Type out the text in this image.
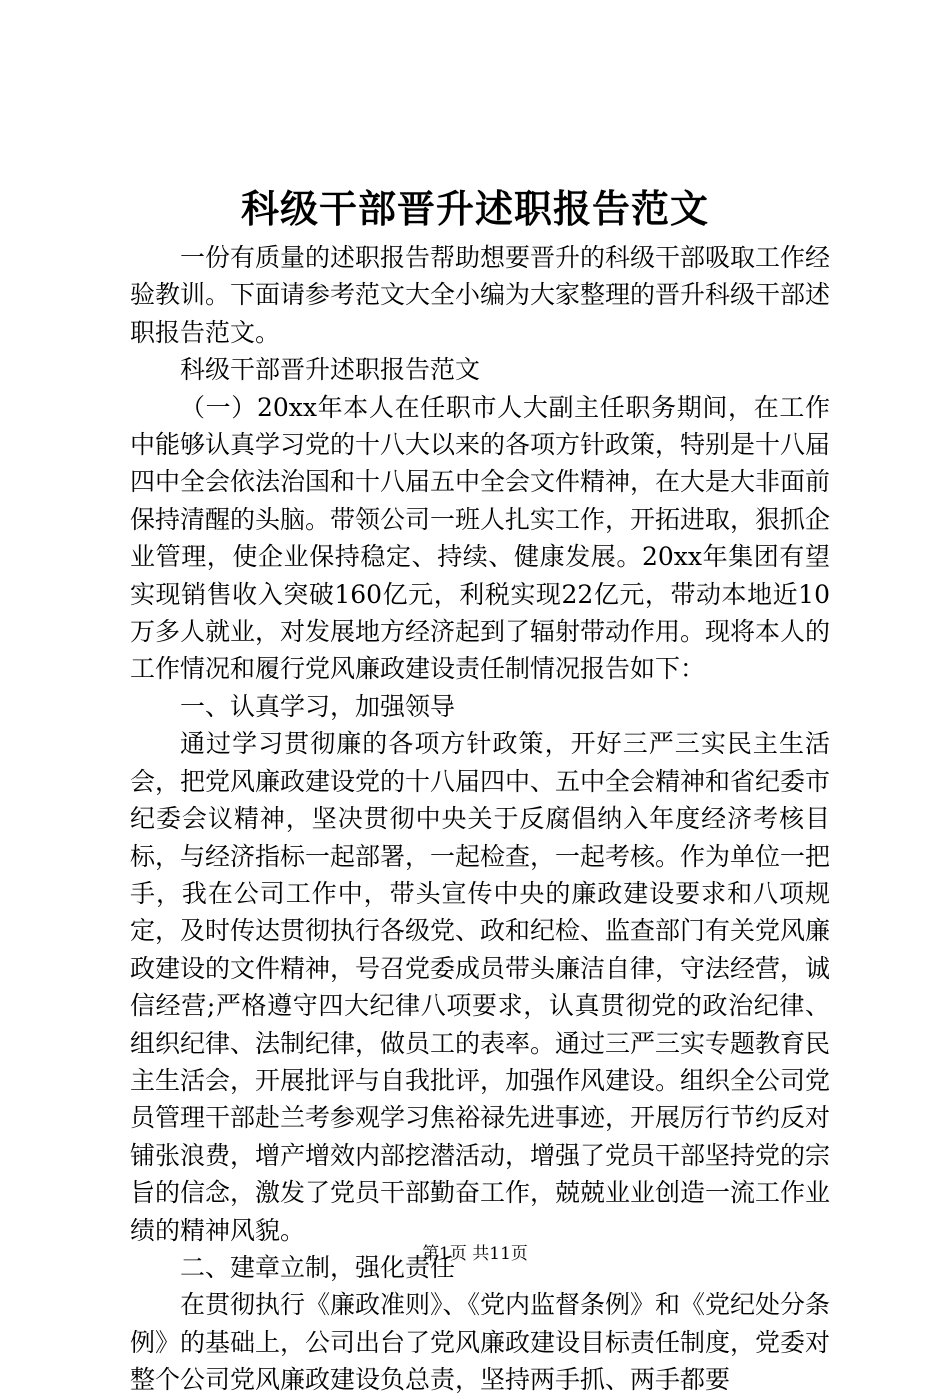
科级干部晋升述职报告范文

一份有质量的述职报告帮助想要晋升的科级干部吸取工作经验教训。下面请参考范文大全小编为大家整理的晋升科级干部述职报告范文。

科级干部晋升述职报告范文

（一）20xx年本人在任职市人大副主任职务期间，在工作中能够认真学习党的十八大以来的各项方针政策，特别是十八届四中全会依法治国和十八届五中全会文件精神，在大是大非面前保持清醒的头脑。带领公司一班人扎实工作，开拓进取，狠抓企业管理，使企业保持稳定、持续、健康发展。20xx年集团有望实现销售收入突破160亿元，利税实现22亿元，带动本地近10万多人就业，对发展地方经济起到了辐射带动作用。现将本人的工作情况和履行党风廉政建设责任制情况报告如下：

一、认真学习，加强领导

通过学习贯彻廉的各项方针政策，开好三严三实民主生活会，把党风廉政建设党的十八届四中、五中全会精神和省纪委市纪委会议精神，坚决贯彻中央关于反腐倡纳入年度经济考核目标，与经济指标一起部署，一起检查，一起考核。作为单位一把手，我在公司工作中，带头宣传中央的廉政建设要求和八项规定，及时传达贯彻执行各级党、政和纪检、监查部门有关党风廉政建设的文件精神，号召党委成员带头廉洁自律，守法经营，诚信经营;严格遵守四大纪律八项要求，认真贯彻党的政治纪律、组织纪律、法制纪律，做员工的表率。通过三严三实专题教育民主生活会，开展批评与自我批评，加强作风建设。组织全公司党员管理干部赴兰考参观学习焦裕禄先进事迹，开展厉行节约反对铺张浪费，增产增效内部挖潜活动，增强了党员干部坚持党的宗旨的信念，激发了党员干部勤奋工作，兢兢业业创造一流工作业绩的精神风貌。

二、建章立制，强化责任

在贯彻执行《廉政准则》、《党内监督条例》和《党纪处分条例》的基础上，公司出台了党风廉政建设目标责任制度，党委对整个公司党风廉政建设负总责，坚持两手抓、两手都要

第1页 共11页
